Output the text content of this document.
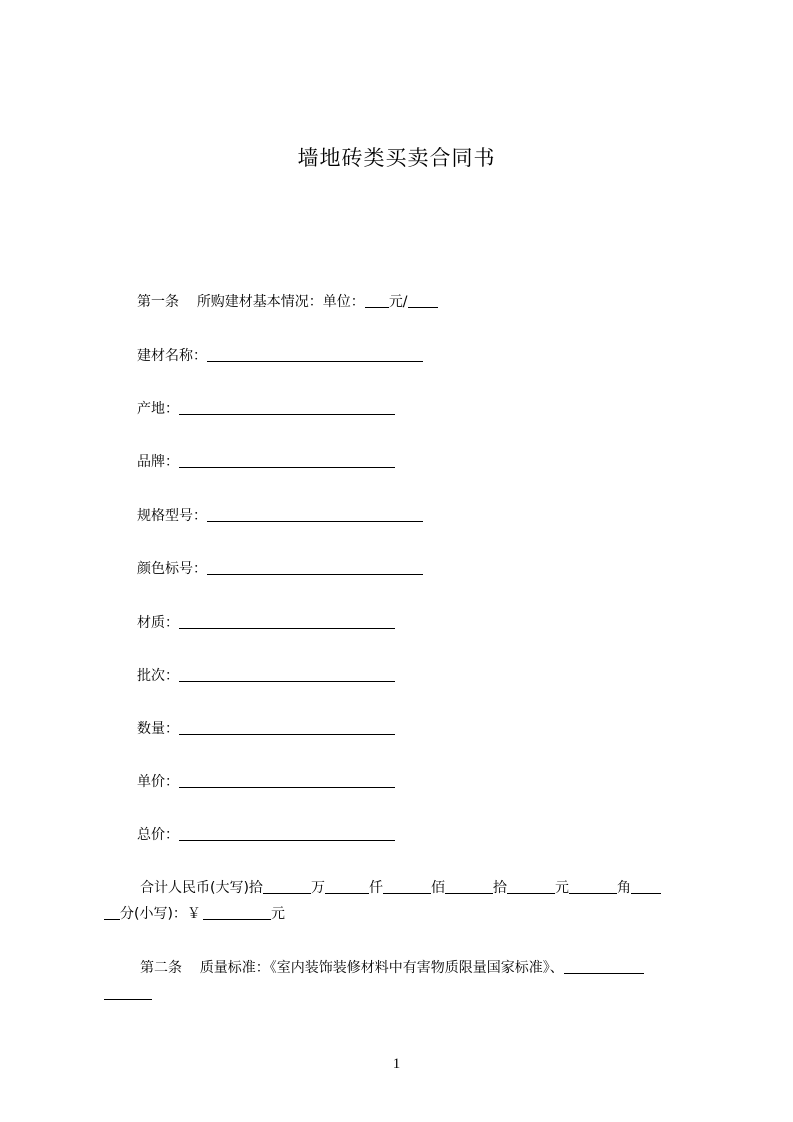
墙地砖类买卖合同书
第一条 所购建材基本情况：单位： 元/
建材名称：
产地：
品牌：
规格型号：
颜色标号：
材质：
批次：
数量：
单价：
总价：
合计人民币(大写)拾	万	仟	佰	拾	元	角
分(小写)：￥	元
第二条 质量标准：《室内装饰装修材料中有害物质限量国家标准》、
1
